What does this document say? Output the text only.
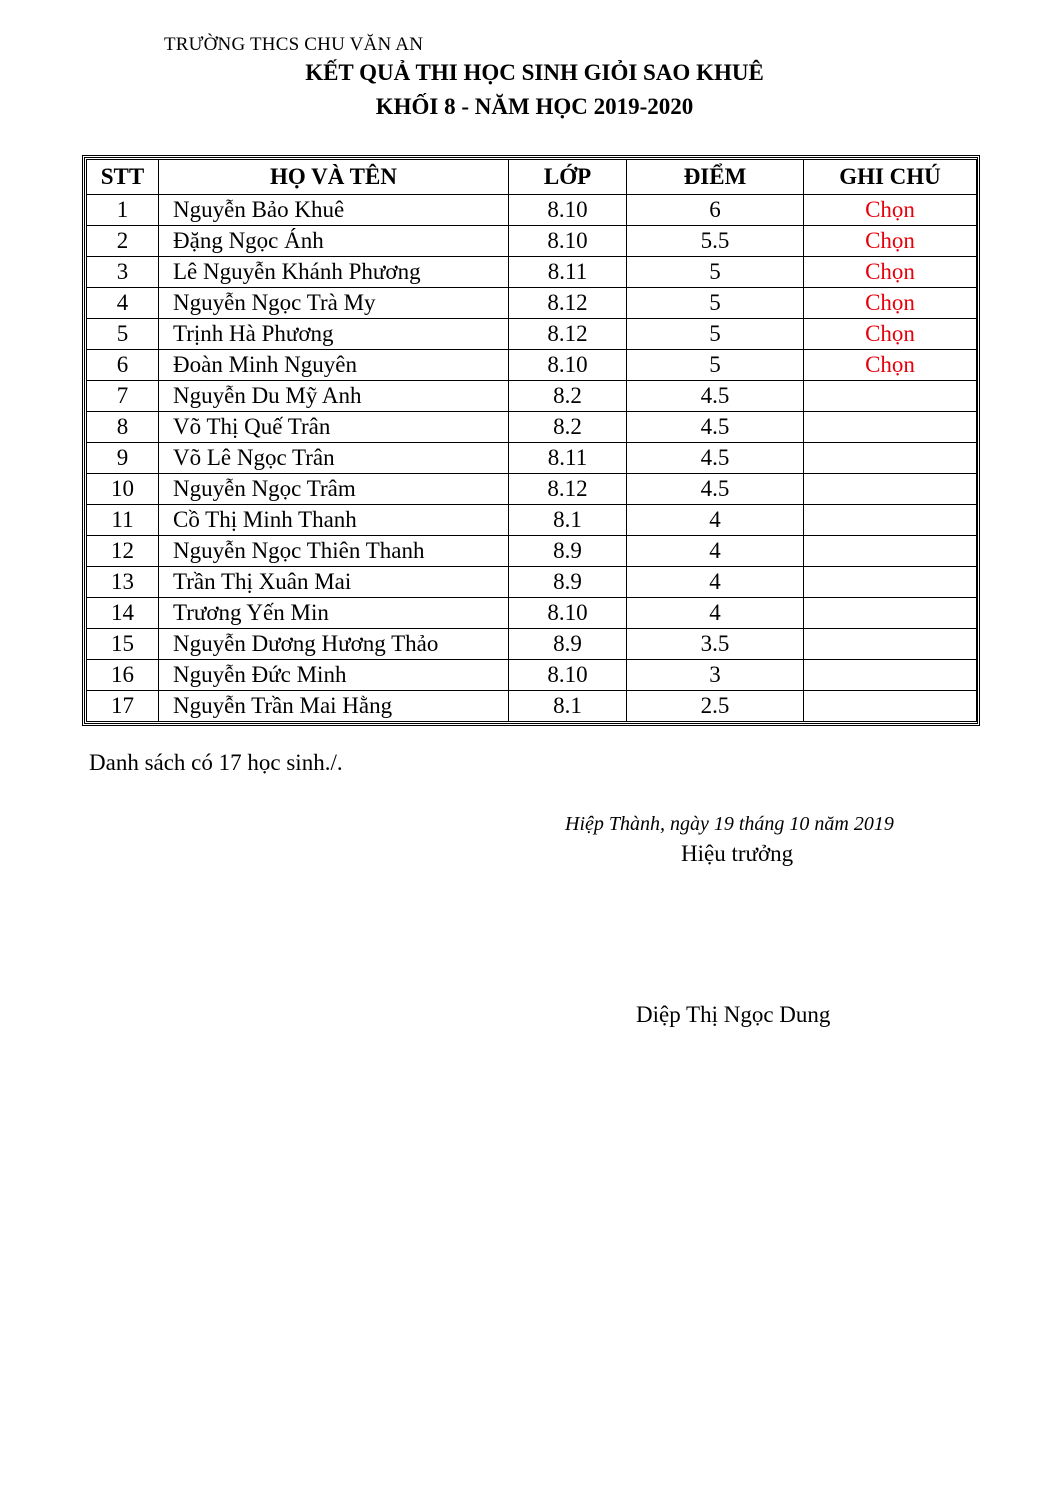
TRƯỜNG THCS CHU VĂN AN
KẾT QUẢ THI HỌC SINH GIỎI SAO KHUÊ
KHỐI 8 - NĂM HỌC 2019-2020
STT	HỌ VÀ TÊN	LỚP	ĐIỂM	GHI CHÚ
1	Nguyễn Bảo Khuê	8.10	6	Chọn
2	Đặng Ngọc Ánh	8.10	5.5	Chọn
3	Lê Nguyễn Khánh Phương	8.11	5	Chọn
4	Nguyễn Ngọc Trà My	8.12	5	Chọn
5	Trịnh Hà Phương	8.12	5	Chọn
6	Đoàn Minh Nguyên	8.10	5	Chọn
7	Nguyễn Du Mỹ Anh	8.2	4.5	
8	Võ Thị Quế Trân	8.2	4.5	
9	Võ Lê Ngọc Trân	8.11	4.5	
10	Nguyễn Ngọc Trâm	8.12	4.5	
11	Cồ Thị Minh Thanh	8.1	4	
12	Nguyễn Ngọc Thiên Thanh	8.9	4	
13	Trần Thị Xuân Mai	8.9	4	
14	Trương Yến Min	8.10	4	
15	Nguyễn Dương Hương Thảo	8.9	3.5	
16	Nguyễn Đức Minh	8.10	3	
17	Nguyễn Trần Mai Hằng	8.1	2.5	
Danh sách có 17 học sinh./.
Hiệp Thành, ngày 19 tháng 10 năm 2019
Hiệu trưởng
Diệp Thị Ngọc Dung
